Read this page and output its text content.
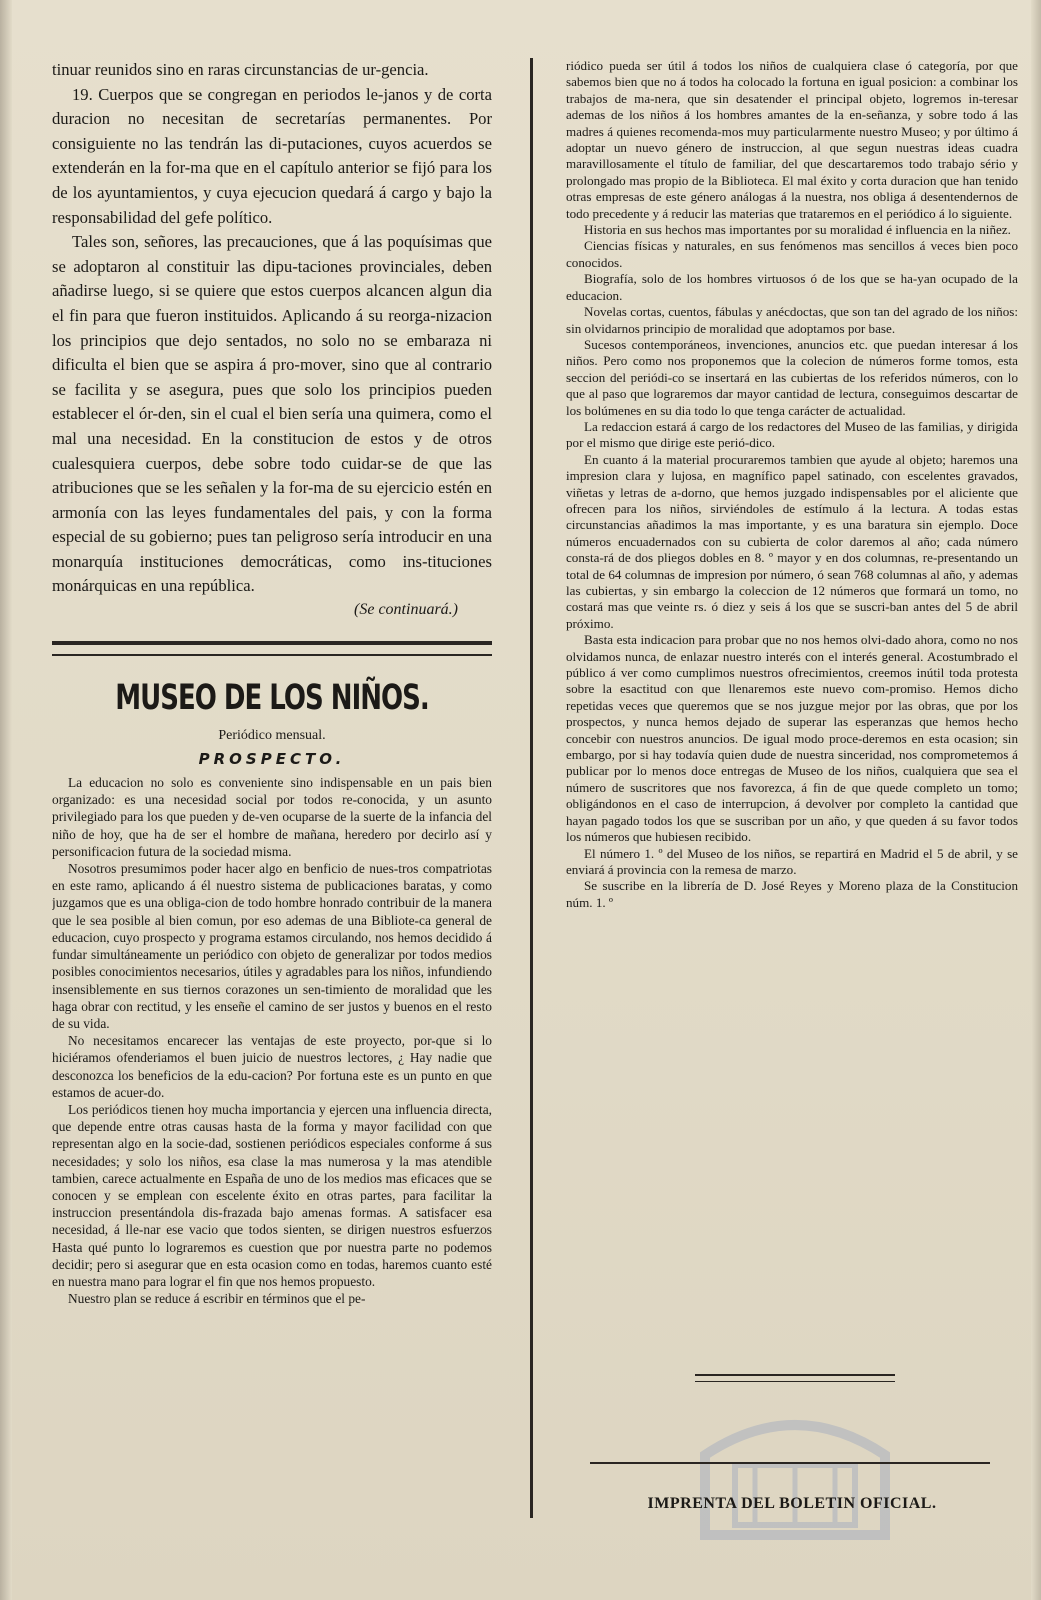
tinuar reunidos sino en raras circunstancias de ur-gencia.

19. Cuerpos que se congregan en periodos le-janos y de corta duracion no necesitan de secretarías permanentes. Por consiguiente no las tendrán las di-putaciones, cuyos acuerdos se extenderán en la for-ma que en el capítulo anterior se fijó para los de los ayuntamientos, y cuya ejecucion quedará á cargo y bajo la responsabilidad del gefe político.

Tales son, señores, las precauciones, que á las poquísimas que se adoptaron al constituir las dipu-taciones provinciales, deben añadirse luego, si se quiere que estos cuerpos alcancen algun dia el fin para que fueron instituidos. Aplicando á su reorga-nizacion los principios que dejo sentados, no solo no se embaraza ni dificulta el bien que se aspira á pro-mover, sino que al contrario se facilita y se asegura, pues que solo los principios pueden establecer el ór-den, sin el cual el bien sería una quimera, como el mal una necesidad. En la constitucion de estos y de otros cualesquiera cuerpos, debe sobre todo cuidar-se de que las atribuciones que se les señalen y la for-ma de su ejercicio estén en armonía con las leyes fundamentales del pais, y con la forma especial de su gobierno; pues tan peligroso sería introducir en una monarquía instituciones democráticas, como ins-tituciones monárquicas en una república.

(Se continuará.)
MUSEO DE LOS NIÑOS.
Periódico mensual.
PROSPECTO.

La educacion no solo es conveniente sino indispensable en un pais bien organizado: es una necesidad social por todos re-conocida, y un asunto privilegiado para los que pueden y de-ven ocuparse de la suerte de la infancia del niño de hoy, que ha de ser el hombre de mañana, heredero por decirlo así y personificacion futura de la sociedad misma.

Nosotros presumimos poder hacer algo en benficio de nues-tros compatriotas en este ramo, aplicando á él nuestro sistema de publicaciones baratas, y como juzgamos que es una obliga-cion de todo hombre honrado contribuir de la manera que le sea posible al bien comun, por eso ademas de una Bibliote-ca general de educacion, cuyo prospecto y programa estamos circulando, nos hemos decidido á fundar simultáneamente un periódico con objeto de generalizar por todos medios posibles conocimientos necesarios, útiles y agradables para los niños, infundiendo insensiblemente en sus tiernos corazones un sen-timiento de moralidad que les haga obrar con rectitud, y les enseñe el camino de ser justos y buenos en el resto de su vida.

No necesitamos encarecer las ventajas de este proyecto, por-que si lo hiciéramos ofenderiamos el buen juicio de nuestros lectores, ¿ Hay nadie que desconozca los beneficios de la edu-cacion? Por fortuna este es un punto en que estamos de acuer-do.

Los periódicos tienen hoy mucha importancia y ejercen una influencia directa, que depende entre otras causas hasta de la forma y mayor facilidad con que representan algo en la socie-dad, sostienen periódicos especiales conforme á sus necesidades; y solo los niños, esa clase la mas numerosa y la mas atendible tambien, carece actualmente en España de uno de los medios mas eficaces que se conocen y se emplean con escelente éxito en otras partes, para facilitar la instruccion presentándola dis-frazada bajo amenas formas. A satisfacer esa necesidad, á lle-nar ese vacio que todos sienten, se dirigen nuestros esfuerzos Hasta qué punto lo lograremos es cuestion que por nuestra parte no podemos decidir; pero si asegurar que en esta ocasion como en todas, haremos cuanto esté en nuestra mano para lograr el fin que nos hemos propuesto.

Nuestro plan se reduce á escribir en términos que el pe-

riódico pueda ser útil á todos los niños de cualquiera clase ó categoría, por que sabemos bien que no á todos ha colocado la fortuna en igual posicion: a combinar los trabajos de ma-nera, que sin desatender el principal objeto, logremos in-teresar ademas de los niños á los hombres amantes de la en-señanza, y sobre todo á las madres á quienes recomenda-mos muy particularmente nuestro Museo; y por último á adoptar un nuevo género de instruccion, al que segun nuestras ideas cuadra maravillosamente el título de familiar, del que descartaremos todo trabajo sério y prolongado mas propio de la Biblioteca. El mal éxito y corta duracion que han tenido otras empresas de este género análogas á la nuestra, nos obliga á desentendernos de todo precedente y á reducir las materias que trataremos en el periódico á lo siguiente.

Historia en sus hechos mas importantes por su moralidad é influencia en la niñez.

Ciencias físicas y naturales, en sus fenómenos mas sencillos á veces bien poco conocidos.

Biografía, solo de los hombres virtuosos ó de los que se ha-yan ocupado de la educacion.

Novelas cortas, cuentos, fábulas y anécdoctas, que son tan del agrado de los niños: sin olvidarnos principio de moralidad que adoptamos por base.

Sucesos contemporáneos, invenciones, anuncios etc. que puedan interesar á los niños. Pero como nos proponemos que la colecion de números forme tomos, esta seccion del periódi-co se insertará en las cubiertas de los referidos números, con lo que al paso que lograremos dar mayor cantidad de lectura, conseguimos descartar de los bolúmenes en su dia todo lo que tenga carácter de actualidad.

La redaccion estará á cargo de los redactores del Museo de las familias, y dirigida por el mismo que dirige este perió-dico.

En cuanto á la material procuraremos tambien que ayude al objeto; haremos una impresion clara y lujosa, en magnífico papel satinado, con escelentes gravados, viñetas y letras de a-dorno, que hemos juzgado indispensables por el aliciente que ofrecen para los niños, sirviéndoles de estímulo á la lectura. A todas estas circunstancias añadimos la mas importante, y es una baratura sin ejemplo. Doce números encuadernados con su cubierta de color daremos al año; cada número consta-rá de dos pliegos dobles en 8. º mayor y en dos columnas, re-presentando un total de 64 columnas de impresion por número, ó sean 768 columnas al año, y ademas las cubiertas, y sin embargo la coleccion de 12 números que formará un tomo, no costará mas que veinte rs. ó diez y seis á los que se suscri-ban antes del 5 de abril próximo.

Basta esta indicacion para probar que no nos hemos olvi-dado ahora, como no nos olvidamos nunca, de enlazar nuestro interés con el interés general. Acostumbrado el público á ver como cumplimos nuestros ofrecimientos, creemos inútil toda protesta sobre la esactitud con que llenaremos este nuevo com-promiso. Hemos dicho repetidas veces que queremos que se nos juzgue mejor por las obras, que por los prospectos, y nunca hemos dejado de superar las esperanzas que hemos hecho concebir con nuestros anuncios. De igual modo proce-deremos en esta ocasion; sin embargo, por si hay todavía quien dude de nuestra sinceridad, nos comprometemos á publicar por lo menos doce entregas de Museo de los niños, cualquiera que sea el número de suscritores que nos favorezca, á fin de que quede completo un tomo; obligándonos en el caso de interrupcion, á devolver por completo la cantidad que hayan pagado todos los que se suscriban por un año, y que queden á su favor todos los números que hubiesen recibido.

El número 1. º del Museo de los niños, se repartirá en Madrid el 5 de abril, y se enviará á provincia con la remesa de marzo.

Se suscribe en la librería de D. José Reyes y Moreno plaza de la Constitucion núm. 1. º

IMPRENTA DEL BOLETIN OFICIAL.
